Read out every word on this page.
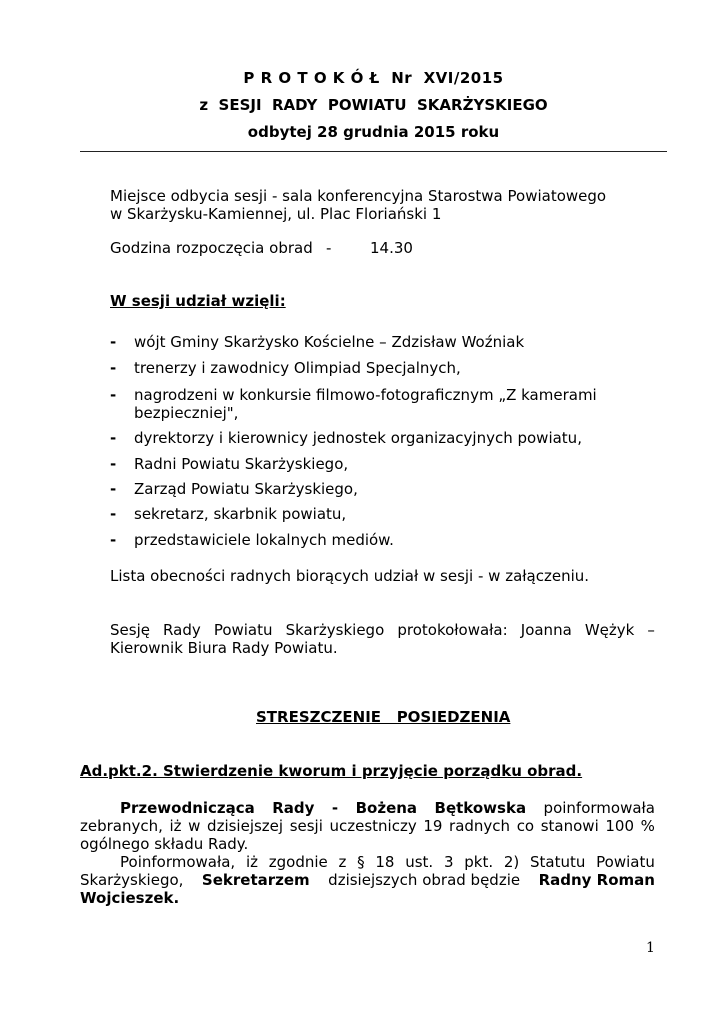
P R O T O K Ó Ł  Nr  XVI/2015
z  SESJI  RADY  POWIATU  SKARŻYSKIEGO
odbytej 28 grudnia 2015 roku
Miejsce odbycia sesji - sala konferencyjna Starostwa Powiatowego
w Skarżysku-Kamiennej, ul. Plac Floriański 1
Godzina rozpoczęcia obrad -	14.30
W sesji udział wzięli:
- wójt Gminy Skarżysko Kościelne – Zdzisław Woźniak
- trenerzy i zawodnicy Olimpiad Specjalnych,
- nagrodzeni w konkursie filmowo-fotograficznym „Z kamerami
bezpieczniej",
- dyrektorzy i kierownicy jednostek organizacyjnych powiatu,
- Radni Powiatu Skarżyskiego,
- Zarząd Powiatu Skarżyskiego,
- sekretarz, skarbnik powiatu,
- przedstawiciele lokalnych mediów.
Lista obecności radnych biorących udział w sesji - w załączeniu.
Sesję Rady Powiatu Skarżyskiego protokołowała: Joanna Wężyk –
Kierownik Biura Rady Powiatu.
STRESZCZENIE   POSIEDZENIA
Ad.pkt.2. Stwierdzenie kworum i przyjęcie porządku obrad.
Przewodnicząca Rady - Bożena Bętkowska poinformowała
zebranych, iż w dzisiejszej sesji uczestniczy 19 radnych co stanowi 100 %
ogólnego składu Rady.
Poinformowała, iż zgodnie z § 18 ust. 3 pkt. 2) Statutu Powiatu
Skarżyskiego, Sekretarzem dzisiejszych obrad będzie Radny Roman
Wojcieszek.
1
